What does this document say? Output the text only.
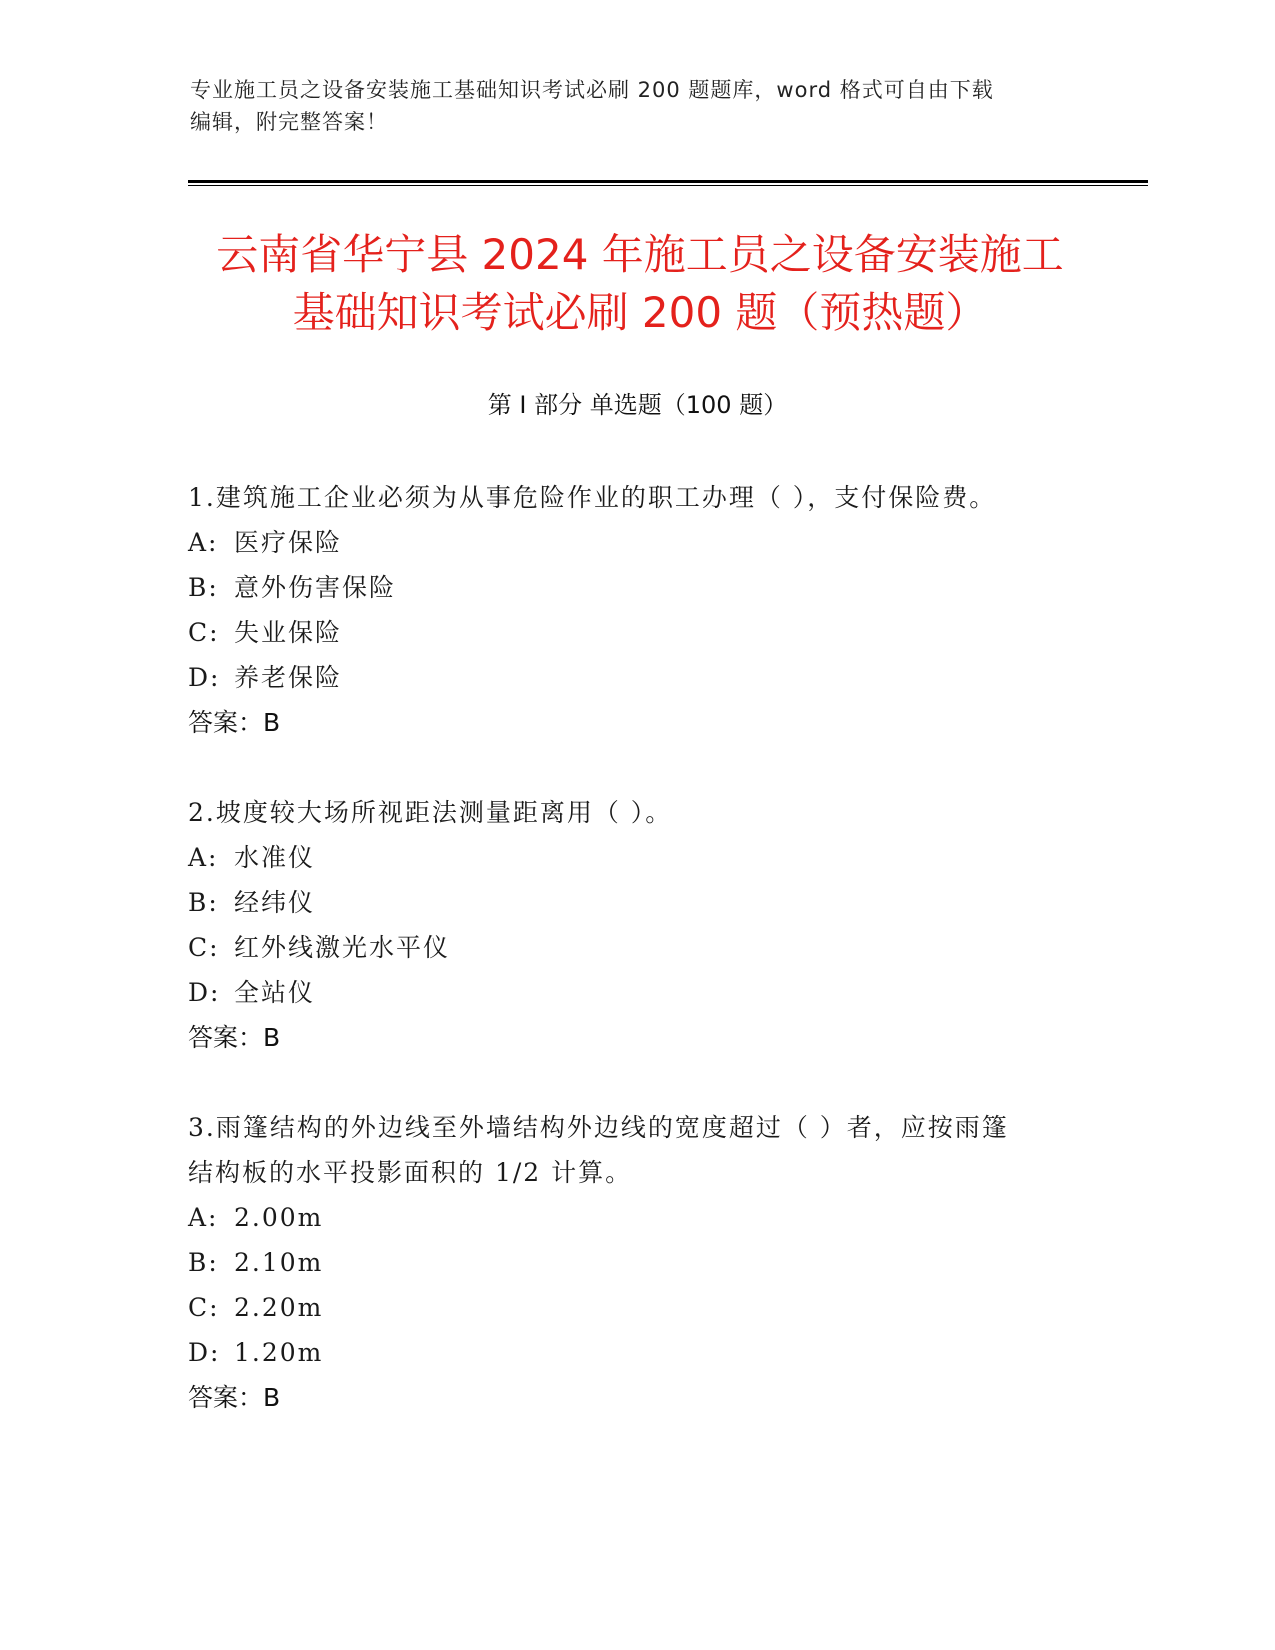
专业施工员之设备安装施工基础知识考试必刷 200 题题库，word 格式可自由下载
编辑，附完整答案！
云南省华宁县 2024 年施工员之设备安装施工
基础知识考试必刷 200 题（预热题）
第 I 部分 单选题（100 题）
1.建筑施工企业必须为从事危险作业的职工办理（ ），支付保险费。
A: 医疗保险
B: 意外伤害保险
C: 失业保险
D: 养老保险
答案：B
2.坡度较大场所视距法测量距离用（ ）。
A: 水准仪
B: 经纬仪
C: 红外线激光水平仪
D: 全站仪
答案：B
3.雨篷结构的外边线至外墙结构外边线的宽度超过（ ）者，应按雨篷
结构板的水平投影面积的 1/2 计算。
A: 2.00m
B: 2.10m
C: 2.20m
D: 1.20m
答案：B
